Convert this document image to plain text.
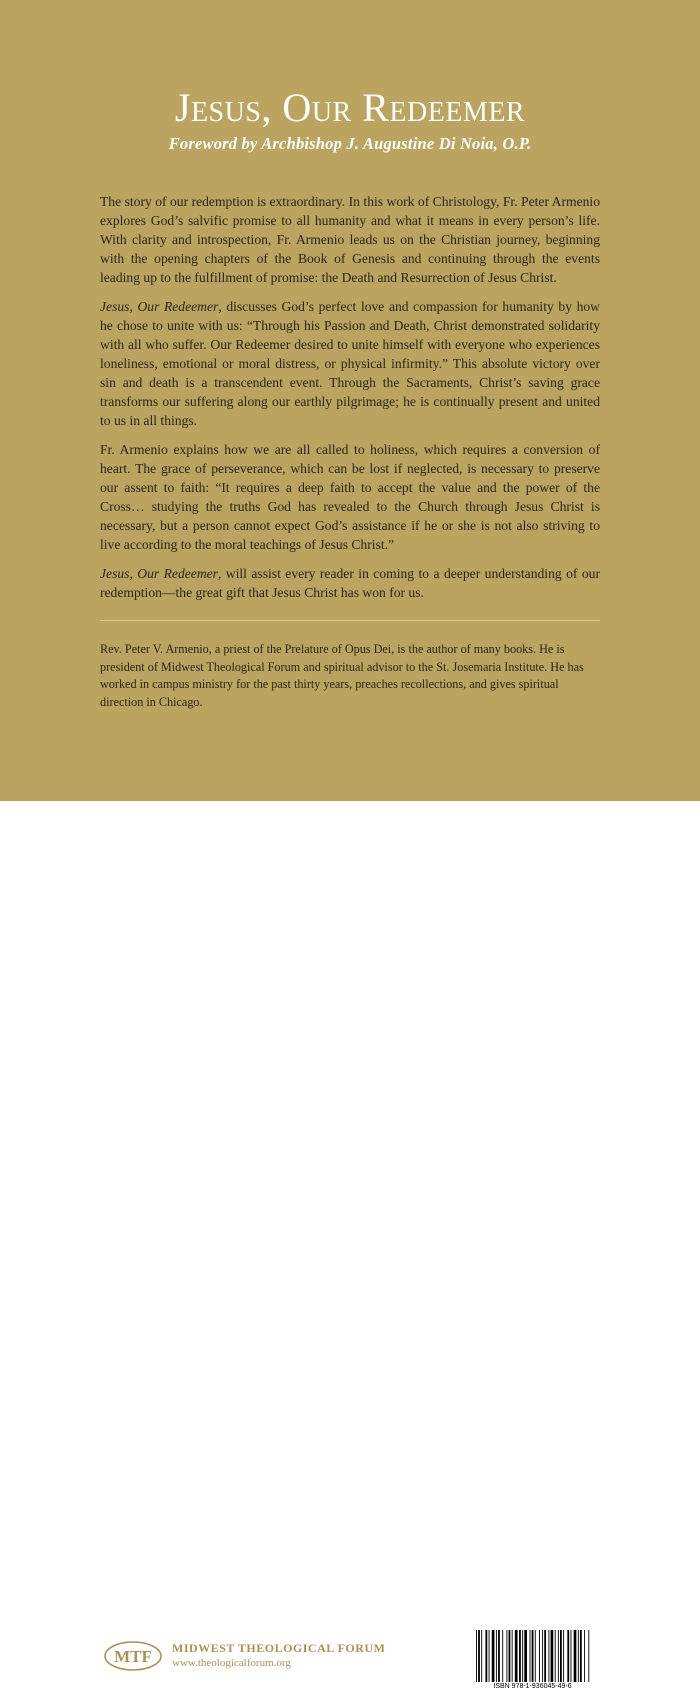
Jesus, Our Redeemer
Foreword by Archbishop J. Augustine Di Noia, O.P.

The story of our redemption is extraordinary. In this work of Christology, Fr. Peter Armenio explores God’s salvific promise to all humanity and what it means in every person’s life. With clarity and introspection, Fr. Armenio leads us on the Christian journey, beginning with the opening chapters of the Book of Genesis and continuing through the events leading up to the fulfillment of promise: the Death and Resurrection of Jesus Christ.

Jesus, Our Redeemer, discusses God’s perfect love and compassion for humanity by how he chose to unite with us: “Through his Passion and Death, Christ demonstrated solidarity with all who suffer. Our Redeemer desired to unite himself with everyone who experiences loneliness, emotional or moral distress, or physical infirmity.” This absolute victory over sin and death is a transcendent event. Through the Sacraments, Christ’s saving grace transforms our suffering along our earthly pilgrimage; he is continually present and united to us in all things.

Fr. Armenio explains how we are all called to holiness, which requires a conversion of heart. The grace of perseverance, which can be lost if neglected, is necessary to preserve our assent to faith: “It requires a deep faith to accept the value and the power of the Cross… studying the truths God has revealed to the Church through Jesus Christ is necessary, but a person cannot expect God’s assistance if he or she is not also striving to live according to the moral teachings of Jesus Christ.”

Jesus, Our Redeemer, will assist every reader in coming to a deeper understanding of our redemption—the great gift that Jesus Christ has won for us.

Rev. Peter V. Armenio, a priest of the Prelature of Opus Dei, is the author of many books. He is president of Midwest Theological Forum and spiritual advisor to the St. Josemaria Institute. He has worked in campus ministry for the past thirty years, preaches recollections, and gives spiritual direction in Chicago.
MTF MIDWEST THEOLOGICAL FORUM
www.theologicalforum.org
ISBN 978-1-936045-49-6
